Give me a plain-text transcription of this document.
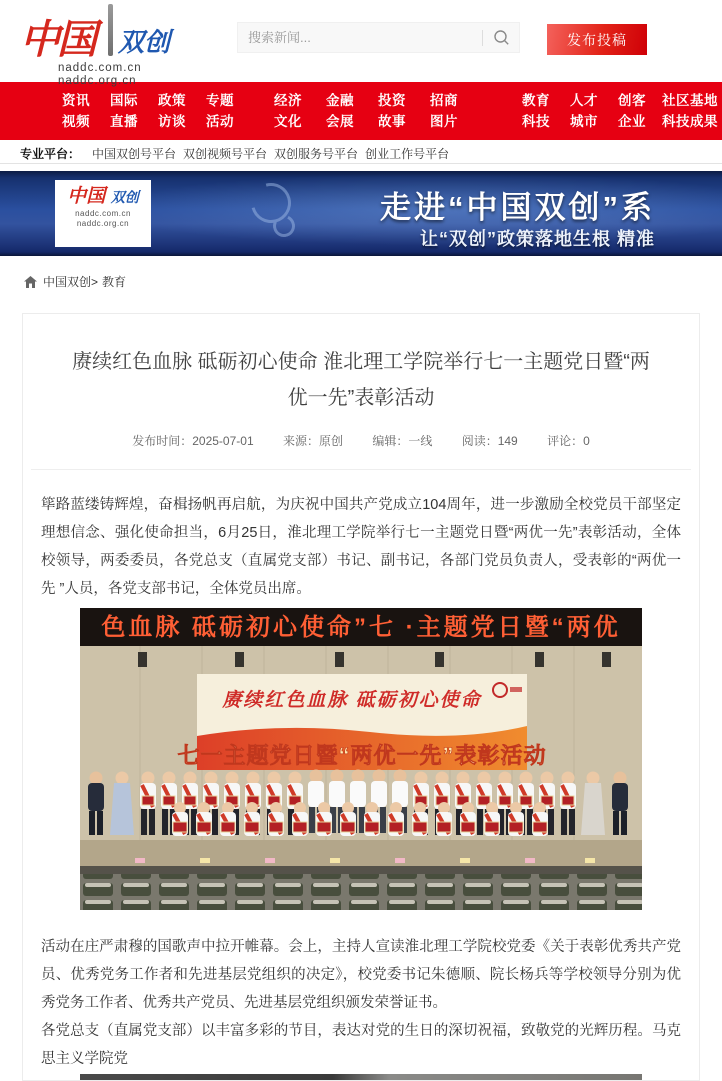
中国 双创
naddc.com.cn
naddc.org.cn
搜索新闻...
发布投稿
资讯
视频
国际
直播
政策
访谈
专题
活动
经济
文化
金融
会展
投资
故事
招商
图片
教育
科技
人才
城市
创客
企业
社区基地
科技成果
专业平台： 中国双创号平台 双创视频号平台 双创服务号平台 创业工作号平台
中国 双创
naddc.com.cn
naddc.org.cn	走进“中国双创”系
让“双创”政策落地生根 精准
中国双创> 教育
赓续红色血脉 砥砺初心使命 淮北理工学院举行七一主题党日暨“两优一先”表彰活动
发布时间：2025-07-01 来源：原创 编辑：一线 阅读：149 评论：0

筚路蓝缕铸辉煌，奋楫扬帆再启航，为庆祝中国共产党成立104周年，进一步激励全校党员干部坚定理想信念、强化使命担当，6月25日，淮北理工学院举行七一主题党日暨“两优一先”表彰活动，全体校领导，两委委员，各党总支（直属党支部）书记、副书记，各部门党员负责人，受表彰的“两优一先 ”人员，各党支部书记，全体党员出席。

色血脉 砥砺初心使命”七 ·主题党日暨“两优
赓续红色血脉 砥砺初心使命
七一主题党日暨“两优一先”表彰活动

活动在庄严肃穆的国歌声中拉开帷幕。会上，主持人宣读淮北理工学院校党委《关于表彰优秀共产党员、优秀党务工作者和先进基层党组织的决定》，校党委书记朱德顺、院长杨兵等学校领导分别为优秀党务工作者、优秀共产党员、先进基层党组织颁发荣誉证书。

各党总支（直属党支部）以丰富多彩的节目，表达对党的生日的深切祝福，致敬党的光辉历程。马克思主义学院党
